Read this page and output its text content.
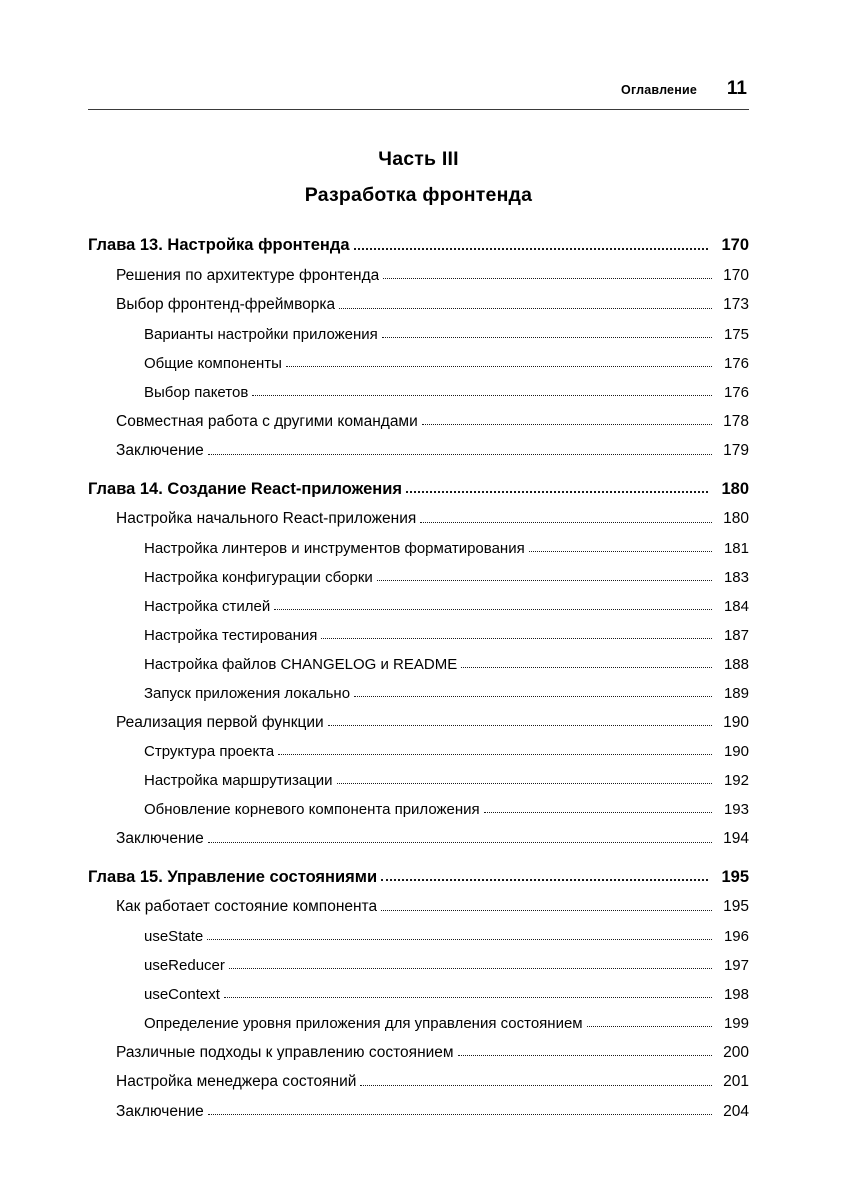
Оглавление 11
Часть III
Разработка фронтенда
Глава 13. Настройка фронтенда	170
Решения по архитектуре фронтенда	170
Выбор фронтенд-фреймворка	173
Варианты настройки приложения	175
Общие компоненты	176
Выбор пакетов	176
Совместная работа с другими командами	178
Заключение	179
Глава 14. Создание React-приложения	180
Настройка начального React-приложения	180
Настройка линтеров и инструментов форматирования	181
Настройка конфигурации сборки	183
Настройка стилей	184
Настройка тестирования	187
Настройка файлов CHANGELOG и README	188
Запуск приложения локально	189
Реализация первой функции	190
Структура проекта	190
Настройка маршрутизации	192
Обновление корневого компонента приложения	193
Заключение	194
Глава 15. Управление состояниями	195
Как работает состояние компонента	195
useState	196
useReducer	197
useContext	198
Определение уровня приложения для управления состоянием	199
Различные подходы к управлению состоянием	200
Настройка менеджера состояний	201
Заключение	204
